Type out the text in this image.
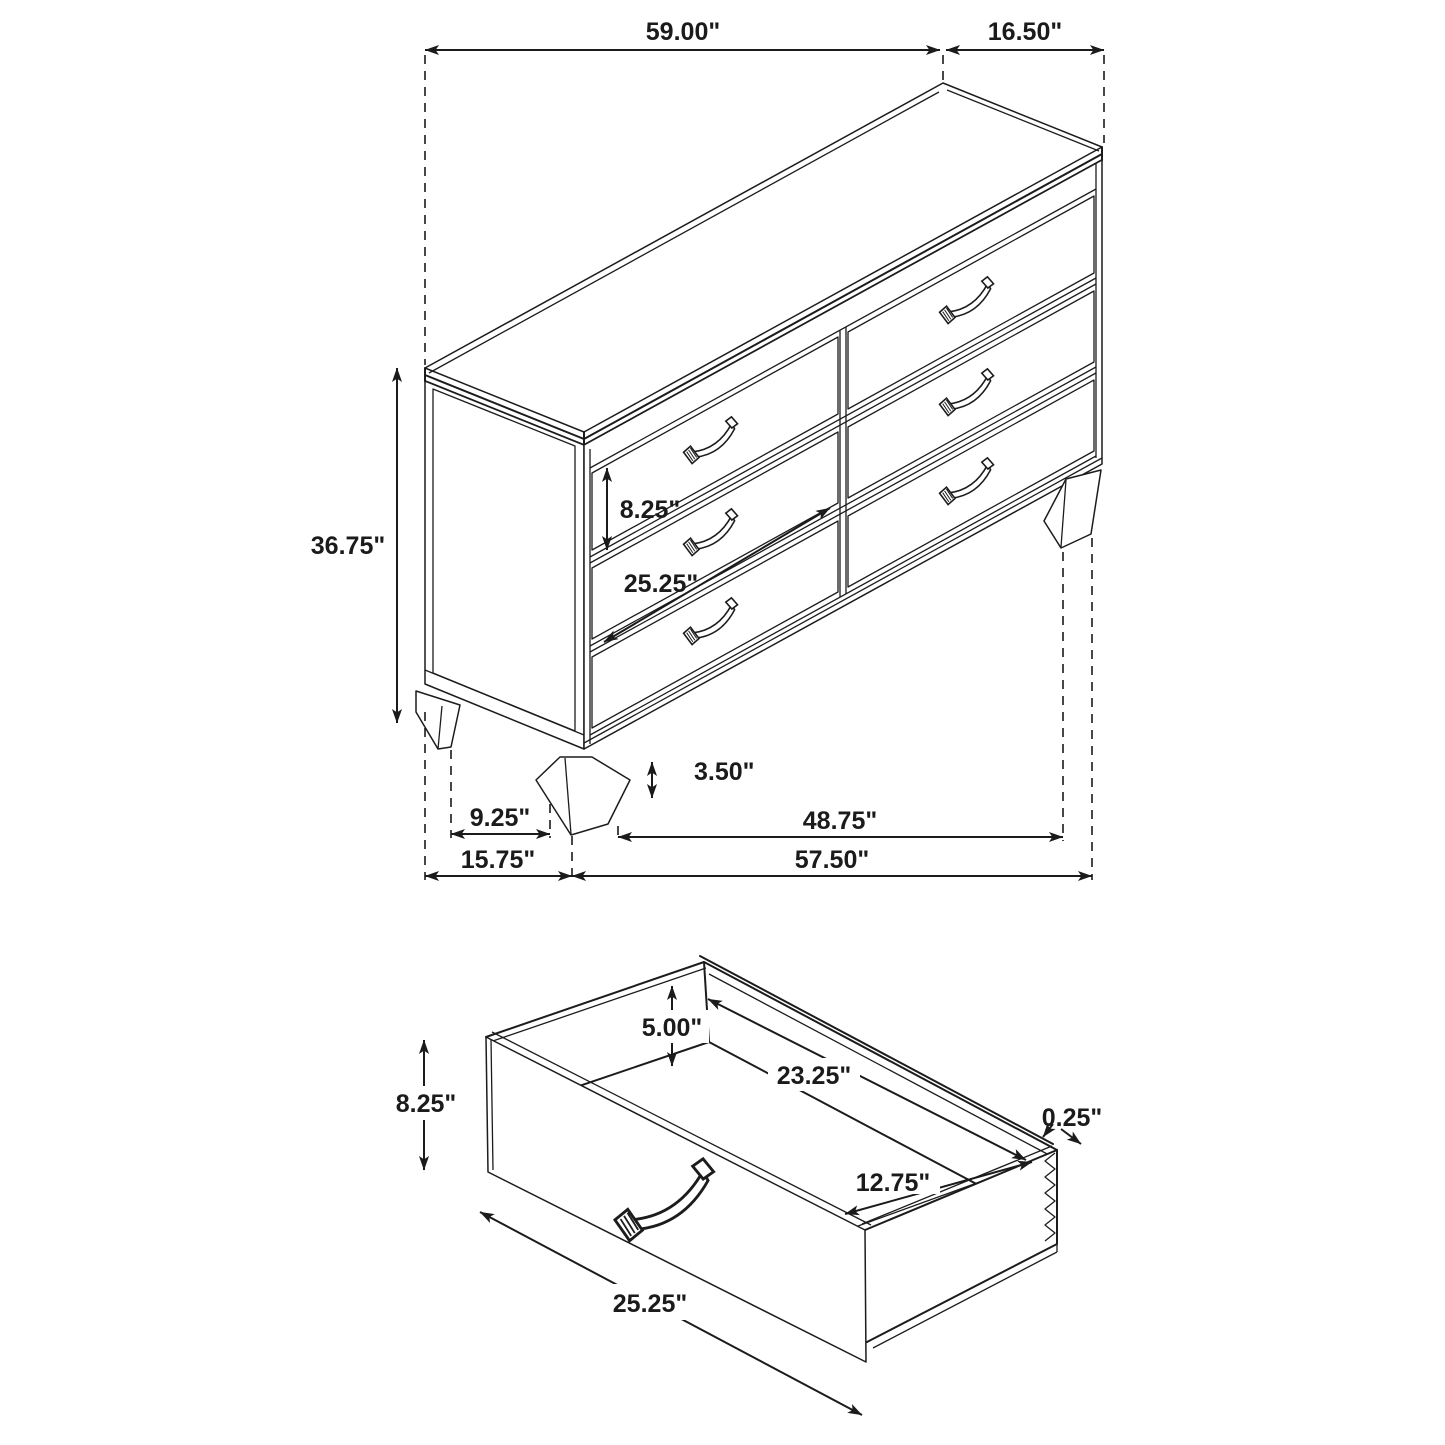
59.00"	16.50"
36.75"
8.25"
25.25"
3.50"
9.25"	48.75"
15.75"	57.50"
8.25"
5.00"
23.25"
0.25"
12.75"
25.25"
